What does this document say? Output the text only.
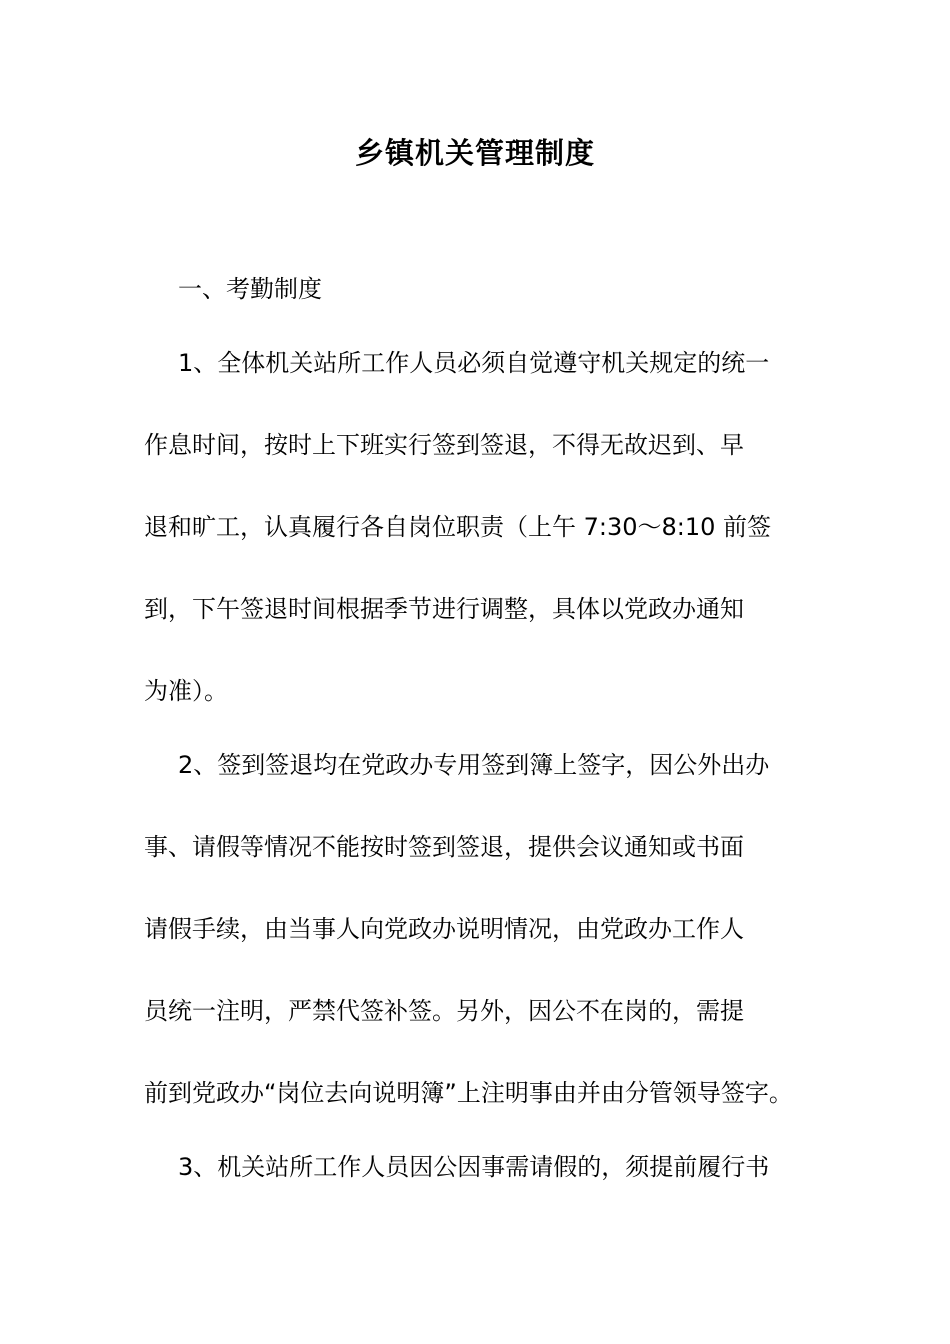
乡镇机关管理制度
一、考勤制度
1、全体机关站所工作人员必须自觉遵守机关规定的统一
作息时间，按时上下班实行签到签退，不得无故迟到、早
退和旷工，认真履行各自岗位职责（上午 7:30～8:10 前签
到，下午签退时间根据季节进行调整，具体以党政办通知
为准）。
2、签到签退均在党政办专用签到簿上签字，因公外出办
事、请假等情况不能按时签到签退，提供会议通知或书面
请假手续，由当事人向党政办说明情况，由党政办工作人
员统一注明，严禁代签补签。另外，因公不在岗的，需提
前到党政办“岗位去向说明簿”上注明事由并由分管领导签字。
3、机关站所工作人员因公因事需请假的，须提前履行书
